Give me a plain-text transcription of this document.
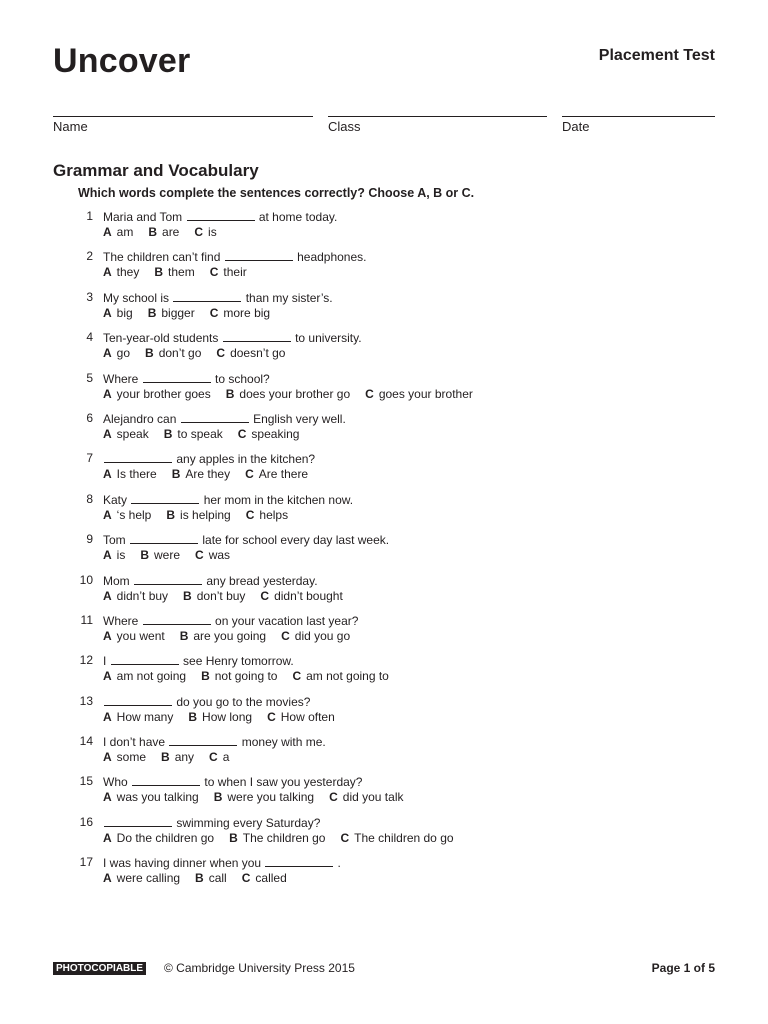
Uncover	Placement Test
Name	Class	Date
Grammar and Vocabulary
Which words complete the sentences correctly? Choose A, B or C.
1 Maria and Tom	at home today.
A am B are C is
2 The children can’t find	headphones.
A they B them C their
3 My school is	than my sister’s.
A big B bigger C more big
4 Ten-year-old students	to university.
A go B don’t go C doesn’t go
5 Where	to school?
A your brother goes B does your brother go C goes your brother
6 Alejandro can	English very well.
A speak B to speak C speaking
7	any apples in the kitchen?
A Is there B Are they C Are there
8 Katy	her mom in the kitchen now.
A ‘s help B is helping C helps
9 Tom	late for school every day last week.
A is B were C was
10 Mom	any bread yesterday.
A didn’t buy B don’t buy C didn’t bought
11 Where	on your vacation last year?
A you went B are you going C did you go
12 I	see Henry tomorrow.
A am not going B not going to C am not going to
13	do you go to the movies?
A How many B How long C How often
14 I don’t have	money with me.
A some B any C a
15 Who	to when I saw you yesterday?
A was you talking B were you talking C did you talk
16	swimming every Saturday?
A Do the children go B The children go C The children do go
17 I was having dinner when you	.
A were calling B call C called
PHOTOCOPIABLE © Cambridge University Press 2015	Page 1 of 5
